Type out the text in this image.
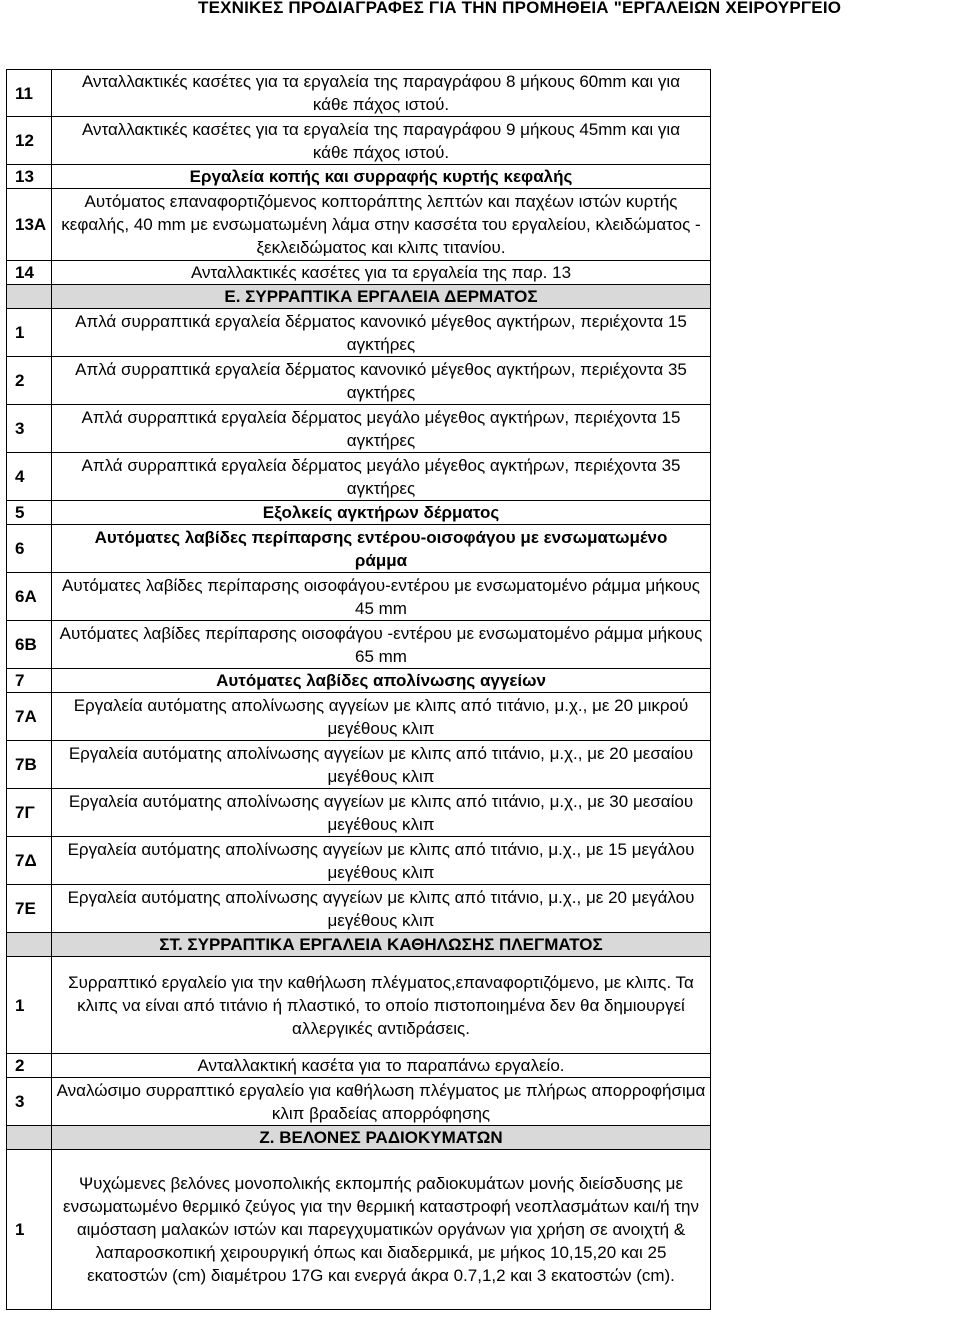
ΤΕΧΝΙΚΕΣ ΠΡΟΔΙΑΓΡΑΦΕΣ ΓΙΑ ΤΗΝ ΠΡΟΜΗΘΕΙΑ "ΕΡΓΑΛΕΙΩΝ ΧΕΙΡΟΥΡΓΕΙΟ
11	Ανταλλακτικές κασέτες για τα εργαλεία της παραγράφου 8 μήκους 60mm και για κάθε πάχος ιστού.
12	Ανταλλακτικές κασέτες για τα εργαλεία της παραγράφου 9 μήκους 45mm και για κάθε πάχος ιστού.
13	Εργαλεία κοπής και συρραφής κυρτής κεφαλής
13Α	Αυτόματος επαναφορτιζόμενος κοπτοράπτης λεπτών και παχέων ιστών κυρτής κεφαλής, 40 mm με ενσωματωμένη λάμα στην κασσέτα του εργαλείου, κλειδώματος - ξεκλειδώματος και κλιπς τιτανίου.
14	Ανταλλακτικές κασέτες για τα εργαλεία της παρ. 13
	Ε. ΣΥΡΡΑΠΤΙΚΑ ΕΡΓΑΛΕΙΑ ΔΕΡΜΑΤΟΣ
1	Απλά συρραπτικά εργαλεία δέρματος κανονικό μέγεθος αγκτήρων, περιέχοντα 15 αγκτήρες
2	Απλά συρραπτικά εργαλεία δέρματος κανονικό μέγεθος αγκτήρων, περιέχοντα 35 αγκτήρες
3	Απλά συρραπτικά εργαλεία δέρματος μεγάλο μέγεθος αγκτήρων, περιέχοντα 15 αγκτήρες
4	Απλά συρραπτικά εργαλεία δέρματος μεγάλο μέγεθος αγκτήρων, περιέχοντα 35 αγκτήρες
5	Εξολκείς αγκτήρων δέρματος
6	Αυτόματες λαβίδες περίπαρσης εντέρου-οισοφάγου με ενσωματωμένο ράμμα
6Α	Αυτόματες λαβίδες περίπαρσης οισοφάγου-εντέρου με ενσωματομένο ράμμα μήκους 45 mm
6Β	Αυτόματες λαβίδες περίπαρσης οισοφάγου -εντέρου με ενσωματομένο ράμμα μήκους 65 mm
7	Αυτόματες λαβίδες απολίνωσης αγγείων
7Α	Εργαλεία αυτόματης απολίνωσης αγγείων με κλιπς από τιτάνιο, μ.χ., με 20 μικρού μεγέθους κλιπ
7Β	Εργαλεία αυτόματης απολίνωσης αγγείων με κλιπς από τιτάνιο, μ.χ., με 20 μεσαίου μεγέθους κλιπ
7Γ	Εργαλεία αυτόματης απολίνωσης αγγείων με κλιπς από τιτάνιο, μ.χ., με 30 μεσαίου μεγέθους κλιπ
7Δ	Εργαλεία αυτόματης απολίνωσης αγγείων με κλιπς από τιτάνιο, μ.χ., με 15 μεγάλου μεγέθους κλιπ
7Ε	Εργαλεία αυτόματης απολίνωσης αγγείων με κλιπς από τιτάνιο, μ.χ., με 20 μεγάλου μεγέθους κλιπ
	ΣΤ. ΣΥΡΡΑΠΤΙΚΑ ΕΡΓΑΛΕΙΑ ΚΑΘΗΛΩΣΗΣ ΠΛΕΓΜΑΤΟΣ
1	Συρραπτικό εργαλείο για την καθήλωση πλέγματος,επαναφορτιζόμενο, με κλιπς. Τα κλιπς να είναι από τιτάνιο ή πλαστικό, το οποίο πιστοποιημένα δεν θα δημιουργεί αλλεργικές αντιδράσεις.
2	Ανταλλακτική κασέτα για το παραπάνω εργαλείο.
3	Αναλώσιμο συρραπτικό εργαλείο για καθήλωση πλέγματος με πλήρως απορροφήσιμα κλιπ βραδείας απορρόφησης
	Ζ. ΒΕΛΟΝΕΣ ΡΑΔΙΟΚΥΜΑΤΩΝ
1	Ψυχώμενες βελόνες μονοπολικής εκπομπής ραδιοκυμάτων μονής διείσδυσης με ενσωματωμένο θερμικό ζεύγος για την θερμική καταστροφή νεοπλασμάτων και/ή την αιμόσταση μαλακών ιστών και παρεγχυματικών οργάνων για χρήση σε ανοιχτή & λαπαροσκοπική χειρουργική όπως και διαδερμικά, με μήκος 10,15,20 και 25 εκατοστών (cm) διαμέτρου 17G και ενεργά άκρα 0.7,1,2 και 3 εκατοστών (cm).
